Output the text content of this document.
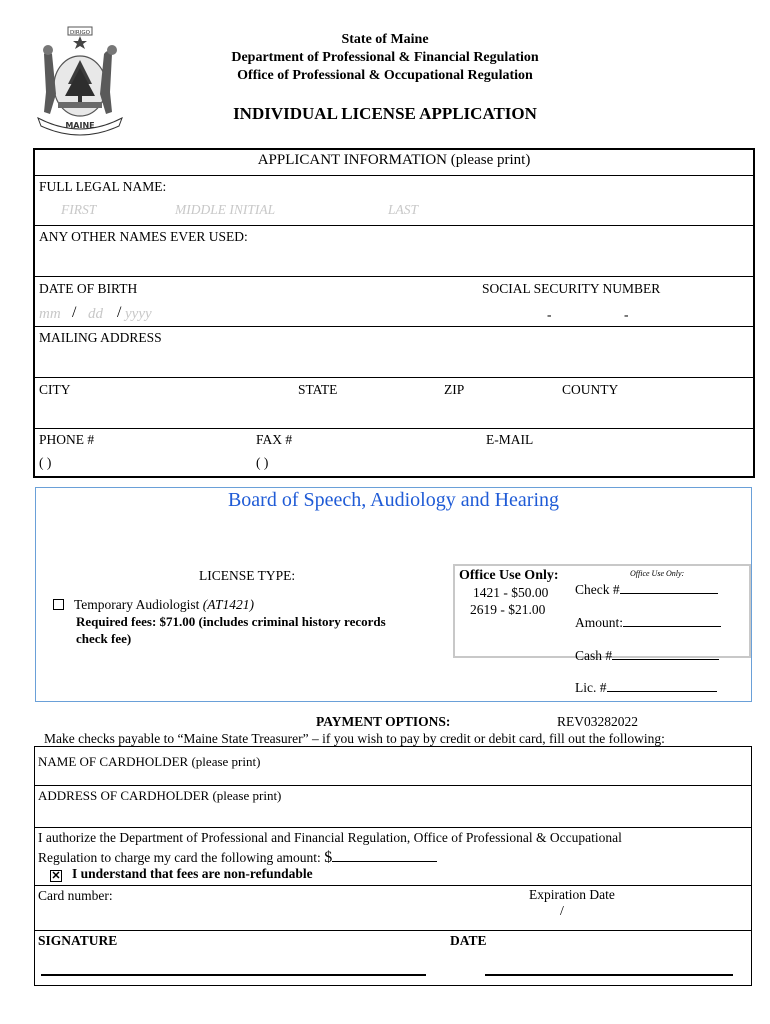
DIRIGO
MAINE
State of Maine
Department of Professional & Financial Regulation
Office of Professional & Occupational Regulation
INDIVIDUAL LICENSE APPLICATION
APPLICANT INFORMATION (please print)
FULL LEGAL NAME:
FIRST	MIDDLE INITIAL	LAST
ANY OTHER NAMES EVER USED:
DATE OF BIRTH
mm / dd / yyyy
SOCIAL SECURITY NUMBER
-	-
MAILING ADDRESS
CITY	STATE	ZIP	COUNTY
PHONE #
( )
FAX #
( )
E-MAIL
Board of Speech, Audiology and Hearing
LICENSE TYPE:
Temporary Audiologist (AT1421)
Required fees: $71.00 (includes criminal history records
check fee)
Office Use Only:
1421 - $50.00
2619 - $21.00
Office Use Only:
Check #
Amount:
Cash #
Lic. #
PAYMENT OPTIONS:	REV03282022
Make checks payable to “Maine State Treasurer” – if you wish to pay by credit or debit card, fill out the following:
NAME OF CARDHOLDER (please print)
ADDRESS OF CARDHOLDER (please print)
I authorize the Department of Professional and Financial Regulation, Office of Professional & Occupational
Regulation to charge my card the following amount: $
✕ I understand that fees are non-refundable
Card number:	Expiration Date
/
SIGNATURE	DATE
